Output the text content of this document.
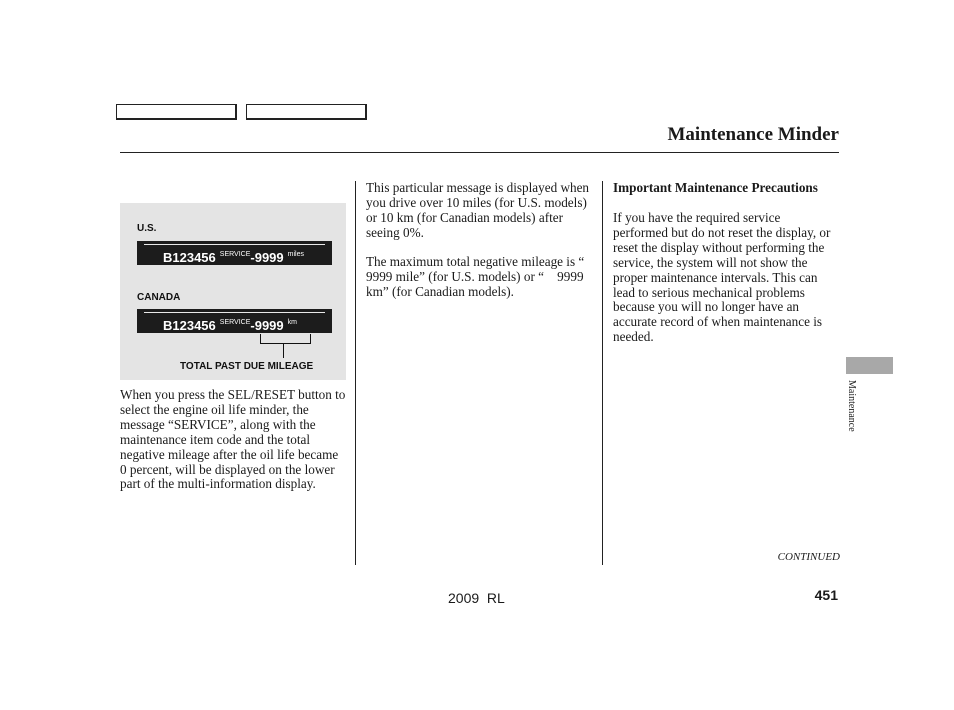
Maintenance Minder
U.S.
B123456 $^{SERVICE}$-9999 $^{miles}$
CANADA
B123456 $^{SERVICE}$-9999 $^{km}$
TOTAL PAST DUE MILEAGE
When you press the SEL/RESET button to select the engine oil life minder, the message “SERVICE”, along with the maintenance item code and the total negative mileage after the oil life became 0 percent, will be displayed on the lower part of the multi-information display.
This particular message is displayed when you drive over 10 miles (for U.S. models) or 10 km (for Canadian models) after seeing 0%.
The maximum total negative mileage is “    9999 mile” (for U.S. models) or “    9999 km” (for Canadian models).
Important Maintenance Precautions
If you have the required service performed but do not reset the display, or reset the display without performing the service, the system will not show the proper maintenance intervals. This can lead to serious mechanical problems because you will no longer have an accurate record of when maintenance is needed.
Maintenance
CONTINUED
2009  RL	451
